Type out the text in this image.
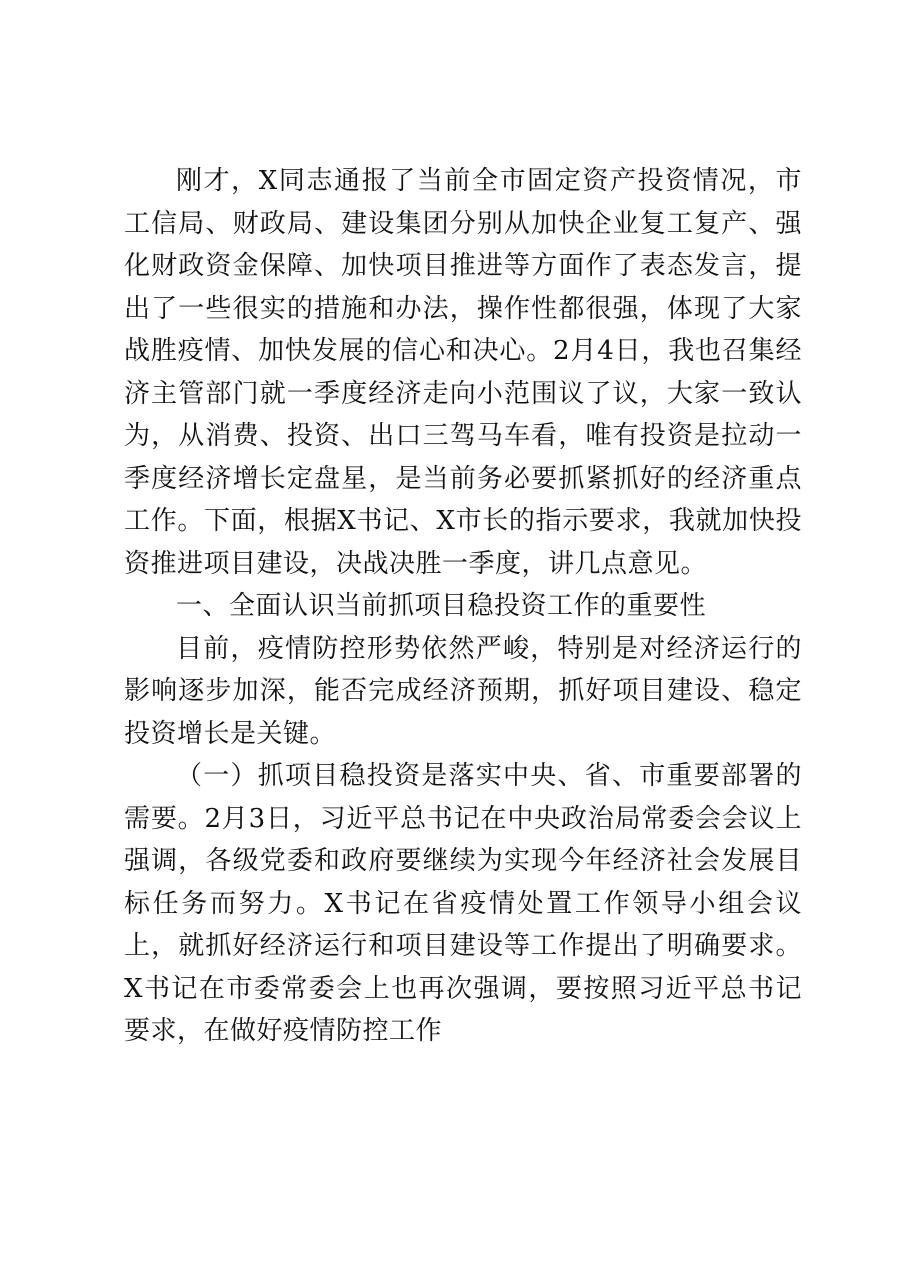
刚才，X同志通报了当前全市固定资产投资情况，市工信局、财政局、建设集团分别从加快企业复工复产、强化财政资金保障、加快项目推进等方面作了表态发言，提出了一些很实的措施和办法，操作性都很强，体现了大家战胜疫情、加快发展的信心和决心。2月4日，我也召集经济主管部门就一季度经济走向小范围议了议，大家一致认为，从消费、投资、出口三驾马车看，唯有投资是拉动一季度经济增长定盘星，是当前务必要抓紧抓好的经济重点工作。下面，根据X书记、X市长的指示要求，我就加快投资推进项目建设，决战决胜一季度，讲几点意见。

一、全面认识当前抓项目稳投资工作的重要性

目前，疫情防控形势依然严峻，特别是对经济运行的影响逐步加深，能否完成经济预期，抓好项目建设、稳定投资增长是关键。

（一）抓项目稳投资是落实中央、省、市重要部署的需要。2月3日，习近平总书记在中央政治局常委会会议上强调，各级党委和政府要继续为实现今年经济社会发展目标任务而努力。X书记在省疫情处置工作领导小组会议上，就抓好经济运行和项目建设等工作提出了明确要求。X书记在市委常委会上也再次强调，要按照习近平总书记要求，在做好疫情防控工作
